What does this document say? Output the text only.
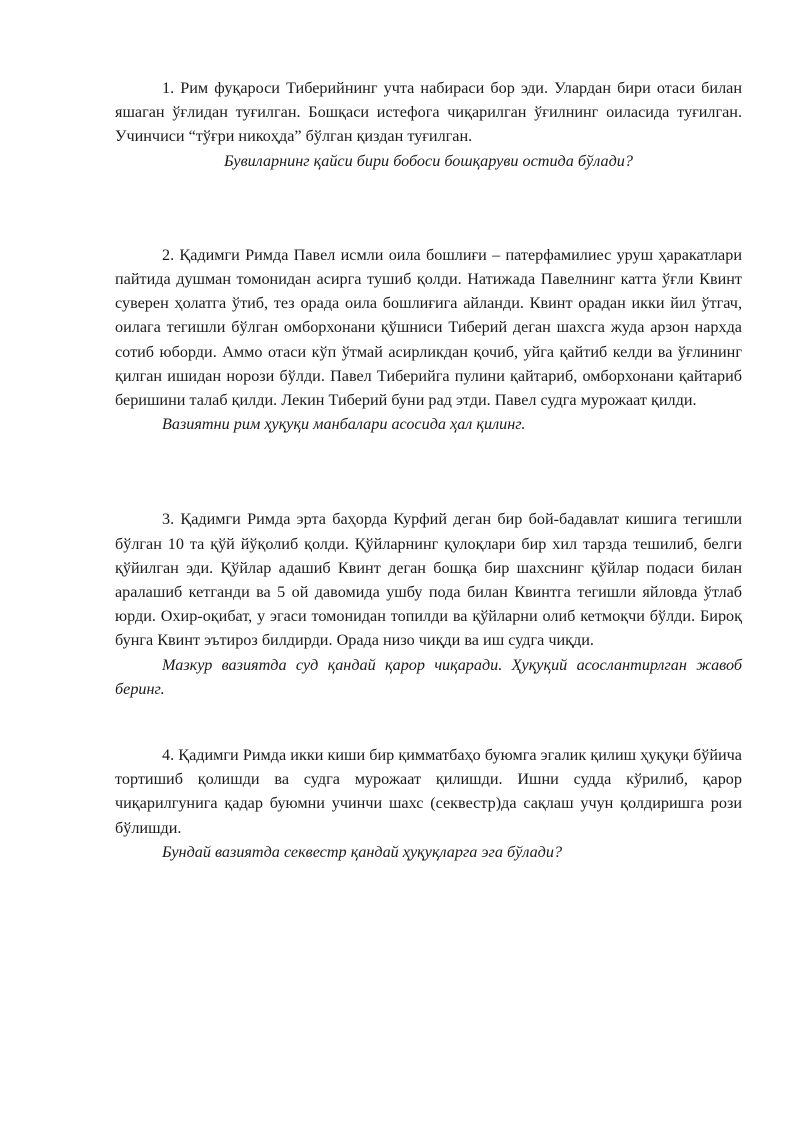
1. Рим фуқароси Тиберийнинг учта набираси бор эди. Улардан бири отаси билан яшаган ўғлидан туғилган. Бошқаси истефога чиқарилган ўғилнинг оиласида туғилган. Учинчиси “тўғри никоҳда” бўлган қиздан туғилган.

Бувиларнинг қайси бири бобоси бошқаруви остида бўлади?

2. Қадимги Римда Павел исмли оила бошлиғи – патерфамилиес уруш ҳаракатлари пайтида душман томонидан асирга тушиб қолди. Натижада Павелнинг катта ўғли Квинт суверен ҳолатга ўтиб, тез орада оила бошлиғига айланди. Квинт орадан икки йил ўтгач, оилага тегишли бўлган омборхонани қўшниси Тиберий деган шахсга жуда арзон нархда сотиб юборди. Аммо отаси кўп ўтмай асирликдан қочиб, уйга қайтиб келди ва ўғлининг қилган ишидан норози бўлди. Павел Тиберийга пулини қайтариб, омборхонани қайтариб беришини талаб қилди. Лекин Тиберий буни рад этди. Павел судга мурожаат қилди.

Вазиятни рим ҳуқуқи манбалари асосида ҳал қилинг.

3. Қадимги Римда эрта баҳорда Курфий деган бир бой-бадавлат кишига тегишли бўлган 10 та қўй йўқолиб қолди. Қўйларнинг қулоқлари бир хил тарзда тешилиб, белги қўйилган эди. Қўйлар адашиб Квинт деган бошқа бир шахснинг қўйлар подаси билан аралашиб кетганди ва 5 ой давомида ушбу пода билан Квинтга тегишли яйловда ўтлаб юрди. Охир-оқибат, у эгаси томонидан топилди ва қўйларни олиб кетмоқчи бўлди. Бироқ бунга Квинт эътироз билдирди. Орада низо чиқди ва иш судга чиқди.

Мазкур вазиятда суд қандай қарор чиқаради. Ҳуқуқий асослантирлган жавоб беринг.

4. Қадимги Римда икки киши бир қимматбаҳо буюмга эгалик қилиш ҳуқуқи бўйича тортишиб қолишди ва судга мурожаат қилишди. Ишни судда кўрилиб, қарор чиқарилгунига қадар буюмни учинчи шахс (секвестр)да сақлаш учун қолдиришга рози бўлишди.

Бундай вазиятда секвестр қандай ҳуқуқларга эга бўлади?
